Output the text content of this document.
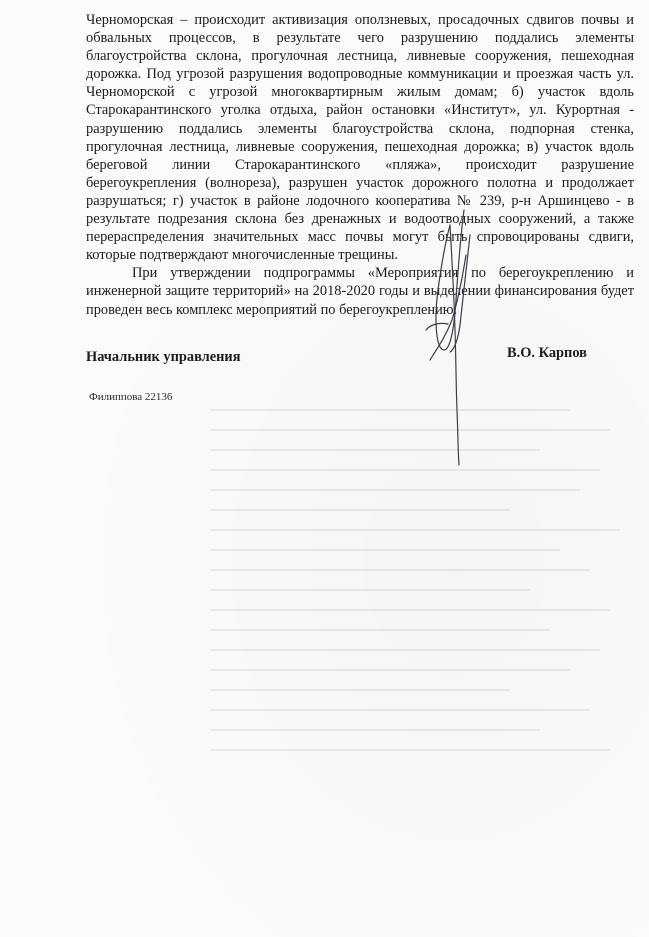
Черноморская – происходит активизация оползневых, просадочных сдвигов почвы и обвальных процессов, в результате чего разрушению поддались элементы благоустройства склона, прогулочная лестница, ливневые сооружения, пешеходная дорожка. Под угрозой разрушения водопроводные коммуникации и проезжая часть ул. Черноморской с угрозой многоквартирным жилым домам; б) участок вдоль Старокарантинского уголка отдыха, район остановки «Институт», ул. Курортная - разрушению поддались элементы благоустройства склона, подпорная стенка, прогулочная лестница, ливневые сооружения, пешеходная дорожка; в) участок вдоль береговой линии Старокарантинского «пляжа», происходит разрушение берегоукрепления (волнореза), разрушен участок дорожного полотна и продолжает разрушаться; г) участок в районе лодочного кооператива № 239, р-н Аршинцево - в результате подрезания склона без дренажных и водоотводных сооружений, а также перераспределения значительных масс почвы могут быть спровоцированы сдвиги, которые подтверждают многочисленные трещины.

При утверждении подпрограммы «Мероприятия по берегоукреплению и инженерной защите территорий» на 2018-2020 годы и выделении финансирования будет проведен весь комплекс мероприятий по берегоукреплению.

Начальник управления	В.О. Карпов
Филиппова 22136
